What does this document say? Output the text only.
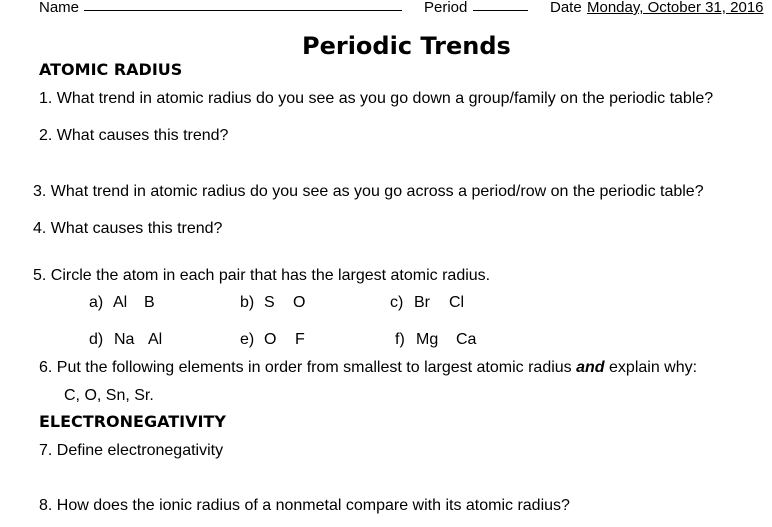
Name	Period	Date Monday, October 31, 2016
Periodic Trends
ATOMIC RADIUS
1. What trend in atomic radius do you see as you go down a group/family on the periodic table?
2. What causes this trend?
3. What trend in atomic radius do you see as you go across a period/row on the periodic table?
4. What causes this trend?
5. Circle the atom in each pair that has the largest atomic radius.
a) Al B	b) S O	c) Br Cl
d) Na Al	e) O F	f) Mg Ca
6. Put the following elements in order from smallest to largest atomic radius and explain why:
C, O, Sn, Sr.
ELECTRONEGATIVITY
7. Define electronegativity
8. How does the ionic radius of a nonmetal compare with its atomic radius?
